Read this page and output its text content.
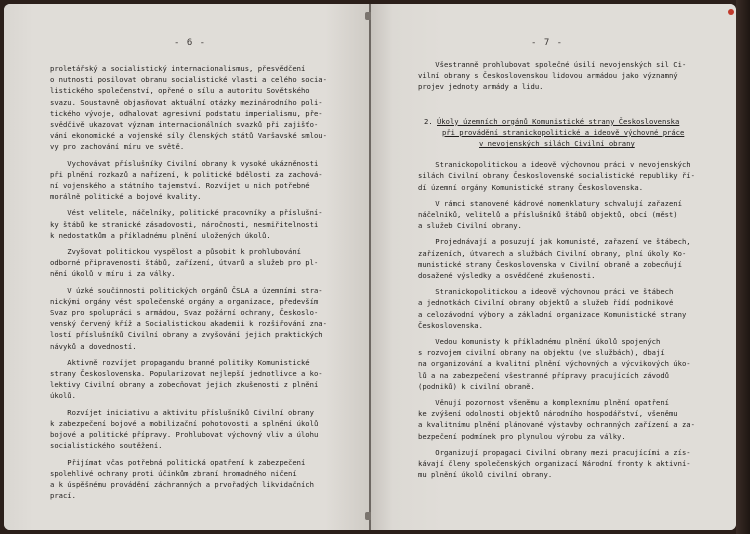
- 6 -

proletářský a socialistický internacionalismus, přesvědčení
o nutnosti posilovat obranu socialistické vlasti a celého socia-
listického společenství, opřené o sílu a autoritu Sovětského
svazu. Soustavně objasňovat aktuální otázky mezinárodního poli-
tického vývoje, odhalovat agresivní podstatu imperialismu, pře-
svědčivě ukazovat význam internacionálních svazků při zajišťo-
vání ekonomické a vojenské síly členských států Varšavské smlou-
vy pro zachování míru ve světě.

Vychovávat příslušníky Civilní obrany k vysoké ukázněnosti
při plnění rozkazů a nařízení, k politické bdělosti za zachová-
ní vojenského a státního tajemství. Rozvíjet u nich potřebné
morálně politické a bojové kvality.

Vést velitele, náčelníky, politické pracovníky a příslušní-
ky štábů ke stranické zásadovosti, náročnosti, nesmiřitelnosti
k nedostatkům a příkladnému plnění uložených úkolů.

Zvyšovat politickou vyspělost a působit k prohlubování
odborné připravenosti štábů, zařízení, útvarů a služeb pro pl-
nění úkolů v míru i za války.

V úzké součinnosti politických orgánů ČSLA a územními stra-
nickými orgány vést společenské orgány a organizace, především
Svaz pro spolupráci s armádou, Svaz požární ochrany, Českoslo-
venský červený kříž a Socialistickou akademii k rozšiřování zna-
lostí příslušníků Civilní obrany a zvyšování jejich praktických
návyků a dovedností.

Aktivně rozvíjet propagandu branné politiky Komunistické
strany Československa. Popularizovat nejlepší jednotlivce a ko-
lektivy Civilní obrany a zobecňovat jejich zkušenosti z plnění
úkolů.

Rozvíjet iniciativu a aktivitu příslušníků Civilní obrany
k zabezpečení bojové a mobilizační pohotovosti a splnění úkolů
bojové a politické přípravy. Prohlubovat výchovný vliv a úlohu
socialistického soutěžení.

Přijímat včas potřebná politická opatření k zabezpečení
spolehlivé ochrany proti účinkům zbraní hromadného ničení
a k úspěšnému provádění záchranných a prvořadých likvidačních
prací.

- 7 -

Všestranně prohlubovat společné úsilí nevojenských sil Ci-
vilní obrany s Československou lidovou armádou jako významný
projev jednoty armády a lidu.

2. Úkoly územních orgánů Komunistické strany Československa
při provádění stranickopolitické a ideově výchovné práce
v nevojenských silách Civilní obrany

Stranickopolitickou a ideově výchovnou práci v nevojenských
silách Civilní obrany Československé socialistické republiky ří-
dí územní orgány Komunistické strany Československa.

V rámci stanovené kádrové nomenklatury schvalují zařazení
náčelníků, velitelů a příslušníků štábů objektů, obcí (měst)
a služeb Civilní obrany.

Projednávají a posuzují jak komunisté, zařazení ve štábech,
zařízeních, útvarech a službách Civilní obrany, plní úkoly Ko-
munistické strany Československa v Civilní obraně a zobecňují
dosažené výsledky a osvědčené zkušenosti.

Stranickopolitickou a ideově výchovnou práci ve štábech
a jednotkách Civilní obrany objektů a služeb řídí podnikové
a celozávodní výbory a základní organizace Komunistické strany
Československa.

Vedou komunisty k příkladnému plnění úkolů spojených
s rozvojem civilní obrany na objektu (ve službách), dbají
na organizování a kvalitní plnění výchovných a výcvikových úko-
lů a na zabezpečení všestranné přípravy pracujících závodů
(podniků) k civilní obraně.

Věnují pozornost všeněmu a komplexnímu plnění opatření
ke zvýšení odolnosti objektů národního hospodářství, všeněmu
a kvalitnímu plnění plánované výstavby ochranných zařízení a za-
bezpečení podmínek pro plynulou výrobu za války.

Organizují propagaci Civilní obrany mezi pracujícími a zís-
kávají členy společenských organizací Národní fronty k aktivní-
mu plnění úkolů civilní obrany.
